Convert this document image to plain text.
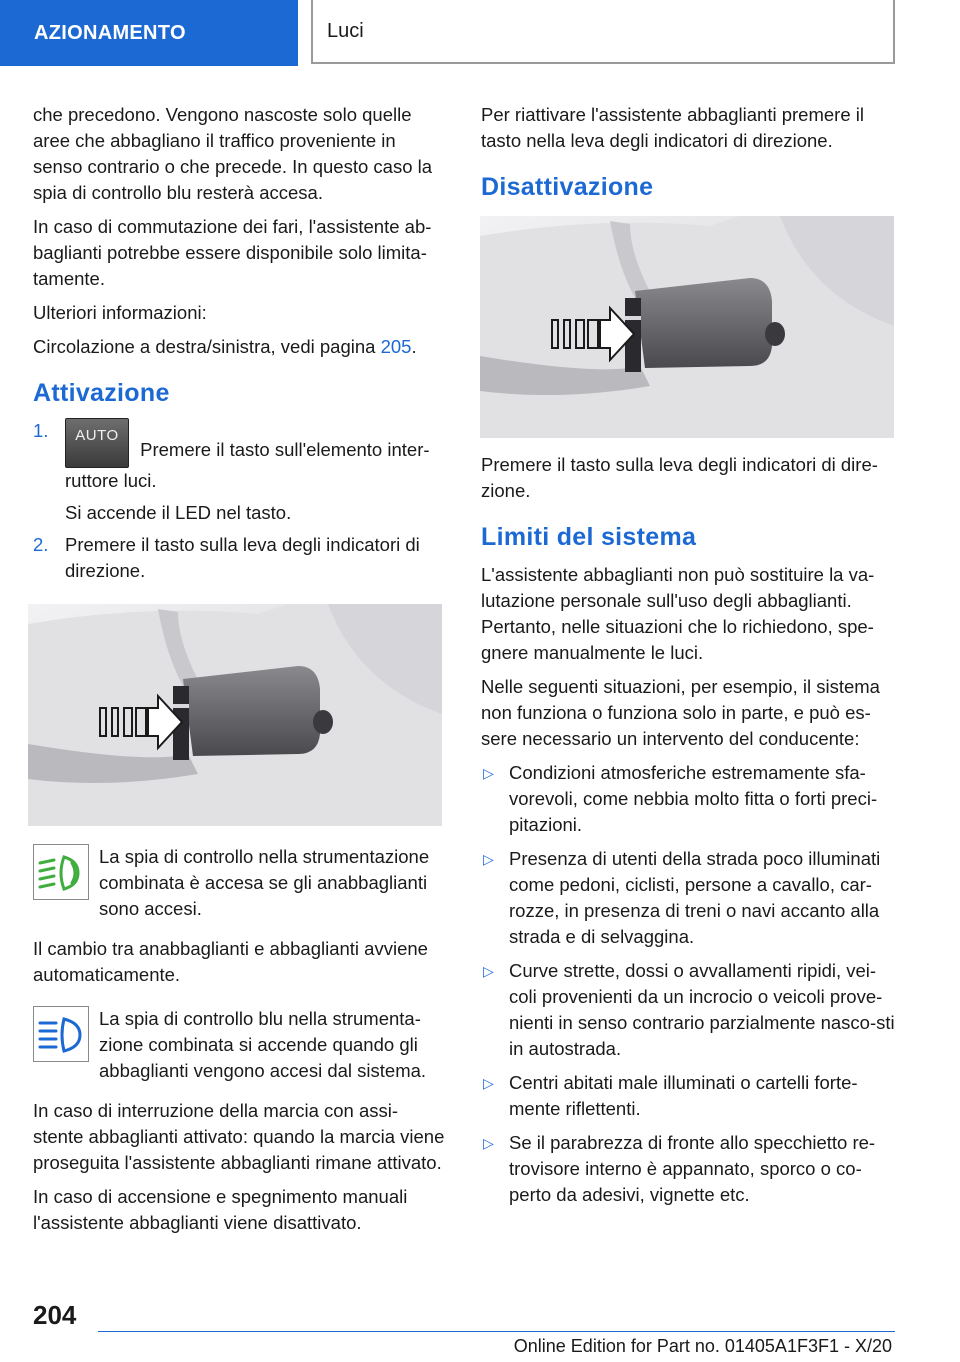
AZIONAMENTO	Luci

che precedono. Vengono nascoste solo quelle aree che abbagliano il traffico proveniente in senso contrario o che precede. In questo caso la spia di controllo blu resterà accesa.

In caso di commutazione dei fari, l'assistente ab-baglianti potrebbe essere disponibile solo limita-tamente.

Ulteriori informazioni:

Circolazione a destra/sinistra, vedi pagina 205.

Attivazione
1.	AUTO
Premere il tasto sull'elemento inter-ruttore luci.
Si accende il LED nel tasto.
2. Premere il tasto sulla leva degli indicatori di direzione.

La spia di controllo nella strumentazione combinata è accesa se gli anabbaglianti sono accesi.

Il cambio tra anabbaglianti e abbaglianti avviene automaticamente.

La spia di controllo blu nella strumenta-zione combinata si accende quando gli abbaglianti vengono accesi dal sistema.

In caso di interruzione della marcia con assi-stente abbaglianti attivato: quando la marcia viene proseguita l'assistente abbaglianti rimane attivato.

In caso di accensione e spegnimento manuali l'assistente abbaglianti viene disattivato.

Per riattivare l'assistente abbaglianti premere il tasto nella leva degli indicatori di direzione.

Disattivazione

Premere il tasto sulla leva degli indicatori di dire-zione.

Limiti del sistema

L'assistente abbaglianti non può sostituire la va-lutazione personale sull'uso degli abbaglianti. Pertanto, nelle situazioni che lo richiedono, spe-gnere manualmente le luci.

Nelle seguenti situazioni, per esempio, il sistema non funziona o funziona solo in parte, e può es-sere necessario un intervento del conducente:

▷ Condizioni atmosferiche estremamente sfa-vorevoli, come nebbia molto fitta o forti preci-pitazioni.
▷ Presenza di utenti della strada poco illuminati come pedoni, ciclisti, persone a cavallo, car-rozze, in presenza di treni o navi accanto alla strada e di selvaggina.
▷ Curve strette, dossi o avvallamenti ripidi, vei-coli provenienti da un incrocio o veicoli prove-nienti in senso contrario parzialmente nasco-sti in autostrada.
▷ Centri abitati male illuminati o cartelli forte-mente riflettenti.
▷ Se il parabrezza di fronte allo specchietto re-trovisore interno è appannato, sporco o co-perto da adesivi, vignette etc.
204
Online Edition for Part no. 01405A1F3F1 - X/20
